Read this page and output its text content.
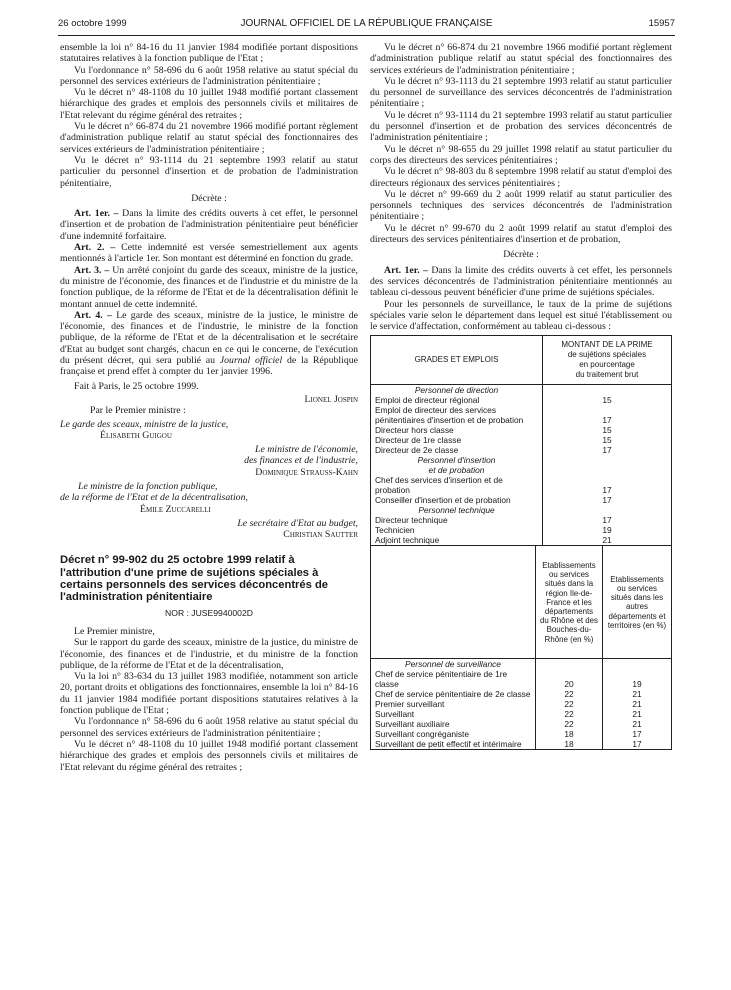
26 octobre 1999	JOURNAL OFFICIEL DE LA RÉPUBLIQUE FRANÇAISE	15957

ensemble la loi n° 84-16 du 11 janvier 1984 modifiée portant dispositions statutaires relatives à la fonction publique de l'Etat ;

Vu l'ordonnance n° 58-696 du 6 août 1958 relative au statut spécial du personnel des services extérieurs de l'administration pénitentiaire ;

Vu le décret n° 48-1108 du 10 juillet 1948 modifié portant classement hiérarchique des grades et emplois des personnels civils et militaires de l'Etat relevant du régime général des retraites ;

Vu le décret n° 66-874 du 21 novembre 1966 modifié portant règlement d'administration publique relatif au statut spécial des fonctionnaires des services extérieurs de l'administration pénitentiaire ;

Vu le décret n° 93-1114 du 21 septembre 1993 relatif au statut particulier du personnel d'insertion et de probation de l'administration pénitentiaire,

Décrète :

Art. 1er. – Dans la limite des crédits ouverts à cet effet, le personnel d'insertion et de probation de l'administration pénitentiaire peut bénéficier d'une indemnité forfaitaire.

Art. 2. – Cette indemnité est versée semestriellement aux agents mentionnés à l'article 1er. Son montant est déterminé en fonction du grade.

Art. 3. – Un arrêté conjoint du garde des sceaux, ministre de la justice, du ministre de l'économie, des finances et de l'industrie et du ministre de la fonction publique, de la réforme de l'Etat et de la décentralisation définit le montant annuel de cette indemnité.

Art. 4. – Le garde des sceaux, ministre de la justice, le ministre de l'économie, des finances et de l'industrie, le ministre de la fonction publique, de la réforme de l'Etat et de la décentralisation et le secrétaire d'Etat au budget sont chargés, chacun en ce qui le concerne, de l'exécution du présent décret, qui sera publié au Journal officiel de la République française et prend effet à compter du 1er janvier 1996.

Fait à Paris, le 25 octobre 1999.

Lionel Jospin

Par le Premier ministre :

Le garde des sceaux, ministre de la justice,

Élisabeth Guigou

Le ministre de l'économie,

des finances et de l'industrie,

Dominique Strauss-Kahn

Le ministre de la fonction publique,

de la réforme de l'Etat et de la décentralisation,

Émile Zuccarelli

Le secrétaire d'Etat au budget,

Christian Sautter

Décret n° 99-902 du 25 octobre 1999 relatif à l'attribution d'une prime de sujétions spéciales à certains personnels des services déconcentrés de l'administration pénitentiaire

NOR : JUSE9940002D

Le Premier ministre,

Sur le rapport du garde des sceaux, ministre de la justice, du ministre de l'économie, des finances et de l'industrie, et du ministre de la fonction publique, de la réforme de l'Etat et de la décentralisation,

Vu la loi n° 83-634 du 13 juillet 1983 modifiée, notamment son article 20, portant droits et obligations des fonctionnaires, ensemble la loi n° 84-16 du 11 janvier 1984 modifiée portant dispositions statutaires relatives à la fonction publique de l'Etat ;

Vu l'ordonnance n° 58-696 du 6 août 1958 relative au statut spécial du personnel des services extérieurs de l'administration pénitentiaire ;

Vu le décret n° 48-1108 du 10 juillet 1948 modifié portant classement hiérarchique des grades et emplois des personnels civils et militaires de l'Etat relevant du régime général des retraites ;

Vu le décret n° 66-874 du 21 novembre 1966 modifié portant règlement d'administration publique relatif au statut spécial des fonctionnaires des services extérieurs de l'administration pénitentiaire ;

Vu le décret n° 93-1113 du 21 septembre 1993 relatif au statut particulier du personnel de surveillance des services déconcentrés de l'administration pénitentiaire ;

Vu le décret n° 93-1114 du 21 septembre 1993 relatif au statut particulier du personnel d'insertion et de probation des services déconcentrés de l'administration pénitentiaire ;

Vu le décret n° 98-655 du 29 juillet 1998 relatif au statut particulier du corps des directeurs des services pénitentiaires ;

Vu le décret n° 98-803 du 8 septembre 1998 relatif au statut d'emploi des directeurs régionaux des services pénitentiaires ;

Vu le décret n° 99-669 du 2 août 1999 relatif au statut particulier des personnels techniques des services déconcentrés de l'administration pénitentiaire ;

Vu le décret n° 99-670 du 2 août 1999 relatif au statut d'emploi des directeurs des services pénitentiaires d'insertion et de probation,

Décrète :

Art. 1er. – Dans la limite des crédits ouverts à cet effet, les personnels des services déconcentrés de l'administration pénitentiaire mentionnés au tableau ci-dessous peuvent bénéficier d'une prime de sujétions spéciales.

Pour les personnels de surveillance, le taux de la prime de sujétions spéciales varie selon le département dans lequel est situé l'établissement ou le service d'affectation, conformément au tableau ci-dessous :

GRADES ET EMPLOIS	MONTANT DE LA PRIME
de sujétions spéciales
en pourcentage
du traitement brut

Personnel de direction	
Emploi de directeur régional	15
Emploi de directeur des services pénitentiaires d'insertion et de probation	17
Directeur hors classe	15
Directeur de 1re classe	15
Directeur de 2e classe	17

Personnel d'insertion
et de probation	

Chef des services d'insertion et de probation	17
Conseiller d'insertion et de probation	17
Personnel technique	
Directeur technique	17
Technicien	19
Adjoint technique	21
	Etablissements ou services situés dans la région Ile-de-France et les départements du Rhône et des Bouches-du-Rhône (en %)	Etablissements ou services situés dans les autres départements et territoires (en %)
Personnel de surveillance		
Chef de service pénitentiaire de 1re classe	20	19
Chef de service pénitentiaire de 2e classe	22	21
Premier surveillant	22	21
Surveillant	22	21
Surveillant auxiliaire	22	21
Surveillant congréganiste	18	17
Surveillant de petit effectif et intérimaire	18	17
